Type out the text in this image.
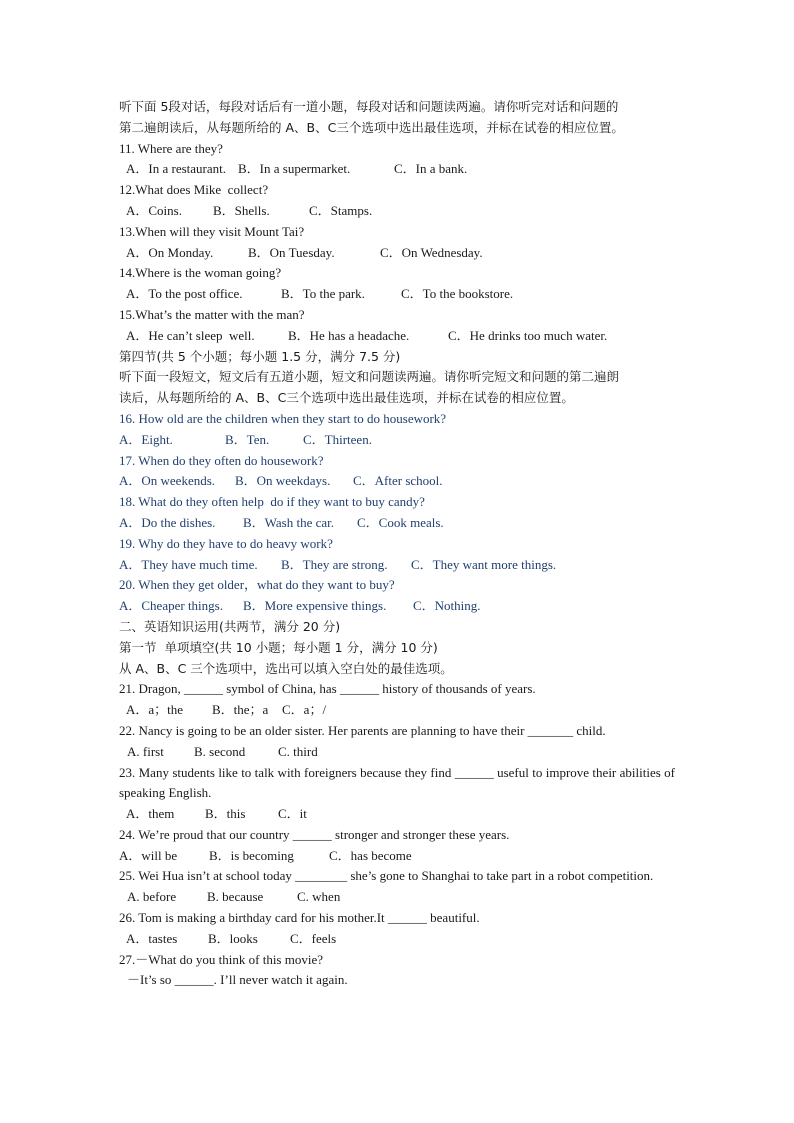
听下面 5段对话，每段对话后有一道小题，每段对话和问题读两遍。请你听完对话和问题的
第二遍朗读后，从每题所给的 A、B、C三个选项中选出最佳选项，并标在试卷的相应位置。
11. Where are they?
A．In a restaurant. B．In a supermarket.	C．In a bank.
12.What does Mike  collect?
A．Coins. B．Shells.	C．Stamps.
13.When will they visit Mount Tai?
A．On Monday.	B．On Tuesday.	C．On Wednesday.
14.Where is the woman going?
A．To the post office.	B．To the park.	C．To the bookstore.
15.What’s the matter with the man?
A．He can’t sleep  well.	B．He has a headache.	C．He drinks too much water.
第四节(共 5 个小题；每小题 1.5 分，满分 7.5 分)
听下面一段短文，短文后有五道小题，短文和问题读两遍。请你听完短文和问题的第二遍朗
读后，从每题所给的 A、B、C三个选项中选出最佳选项，并标在试卷的相应位置。
16. How old are the children when they start to do housework?
A．Eight.	B．Ten.	C．Thirteen.
17. When do they often do housework?
A．On weekends. B．On weekdays. C．After school.
18. What do they often help  do if they want to buy candy?
A．Do the dishes. B．Wash the car. C．Cook meals.
19. Why do they have to do heavy work?
A．They have much time. B．They are strong. C．They want more things.
20. When they get older，what do they want to buy?
A．Cheaper things. B．More expensive things. C．Nothing.
二、英语知识运用(共两节，满分 20 分)
第一节  单项填空(共 10 小题；每小题 1 分，满分 10 分)
从 A、B、C 三个选项中，选出可以填入空白处的最佳选项。
21. Dragon, ______ symbol of China, has ______ history of thousands of years.
A．a；the B．the；a C．a；/
22. Nancy is going to be an older sister. Her parents are planning to have their _______ child.
A. first B. second	C. third
23. Many students like to talk with foreigners because they find ______ useful to improve their abilities of speaking English.
A．them B．this	C．it
24. We’re proud that our country ______ stronger and stronger these years.
A．will be B．is becoming	C．has become
25. Wei Hua isn’t at school today ________ she’s gone to Shanghai to take part in a robot competition.
A. before B. because	C. when
26. Tom is making a birthday card for his mother.It ______ beautiful.
A．tastes B．looks C．feels
27.－What do you think of this movie?
－It’s so ______. I’ll never watch it again.
